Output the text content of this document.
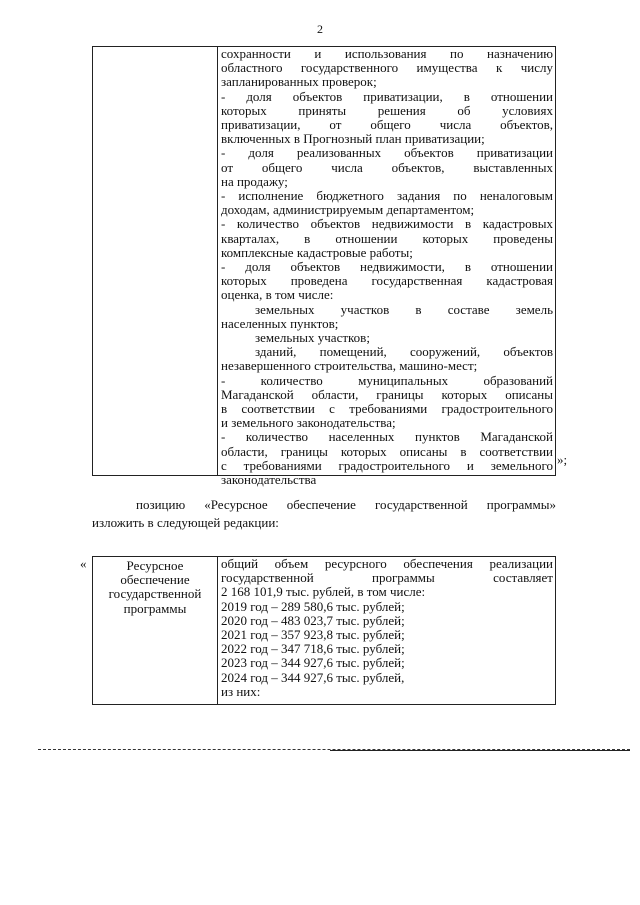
2
сохранности и использования по назначению
областного государственного имущества к числу
запланированных проверок;
- доля объектов приватизации, в отношении
которых приняты решения об условиях
приватизации, от общего числа объектов,
включенных в Прогнозный план приватизации;
- доля реализованных объектов приватизации
от общего числа объектов, выставленных
на продажу;
- исполнение бюджетного задания по неналоговым
доходам, администрируемым департаментом;
- количество объектов недвижимости в кадастровых
кварталах, в отношении которых проведены
комплексные кадастровые работы;
- доля объектов недвижимости, в отношении
которых проведена государственная кадастровая
оценка, в том числе:
земельных участков в составе земель
населенных пунктов;
земельных участков;
зданий, помещений, сооружений, объектов
незавершенного строительства, машино-мест;
- количество муниципальных образований
Магаданской области, границы которых описаны
в соответствии с требованиями градостроительного
и земельного законодательства;
- количество населенных пунктов Магаданской
области, границы которых описаны в соответствии
с требованиями градостроительного и земельного
законодательства
»;
позицию «Ресурсное обеспечение государственной программы»
изложить в следующей редакции:
«	Ресурсное
обеспечение
государственной
программы
общий объем ресурсного обеспечения реализации
государственной программы составляет
2 168 101,9 тыс. рублей, в том числе:
2019 год – 289 580,6 тыс. рублей;
2020 год – 483 023,7 тыс. рублей;
2021 год – 357 923,8 тыс. рублей;
2022 год – 347 718,6 тыс. рублей;
2023 год – 344 927,6 тыс. рублей;
2024 год – 344 927,6 тыс. рублей,
из них:
